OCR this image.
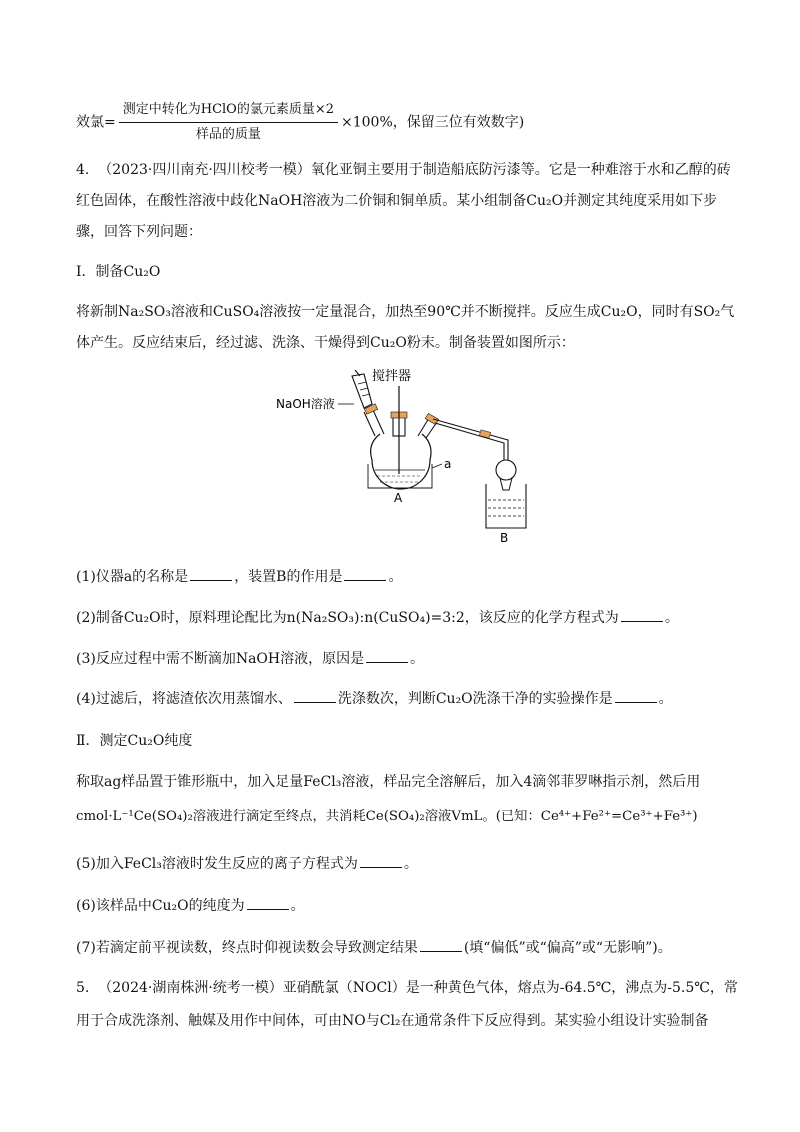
效氯= $\frac{\text{测定中转化为HClO的氯元素质量×2}}{\text{样品的质量}} \times 100\%$，保留三位有效数字)
4. （2023·四川南充·四川校考一模）氧化亚铜主要用于制造船底防污漆等。它是一种难溶于水和乙醇的砖
红色固体，在酸性溶液中歧化NaOH溶液为二价铜和铜单质。某小组制备Cu₂O并测定其纯度采用如下步
骤，回答下列问题：
I．制备Cu₂O
将新制Na₂SO₃溶液和CuSO₄溶液按一定量混合，加热至90℃并不断搅拌。反应生成Cu₂O，同时有SO₂气
体产生。反应结束后，经过滤、洗涤、干燥得到Cu₂O粉末。制备装置如图所示：
搅拌器
NaOH溶液
a
A
B
(1)仪器a的名称是	，装置B的作用是	。
(2)制备Cu₂O时，原料理论配比为n(Na₂SO₃):n(CuSO₄)=3:2，该反应的化学方程式为	。
(3)反应过程中需不断滴加NaOH溶液，原因是	。
(4)过滤后，将滤渣依次用蒸馏水、	洗涤数次，判断Cu₂O洗涤干净的实验操作是	。
Ⅱ．测定Cu₂O纯度
称取ag样品置于锥形瓶中，加入足量FeCl₃溶液，样品完全溶解后，加入4滴邻菲罗啉指示剂，然后用
cmol·L⁻¹Ce(SO₄)₂溶液进行滴定至终点，共消耗Ce(SO₄)₂溶液VmL。(已知：Ce⁴⁺+Fe²⁺=Ce³⁺+Fe³⁺)
(5)加入FeCl₃溶液时发生反应的离子方程式为	。
(6)该样品中Cu₂O的纯度为	。
(7)若滴定前平视读数，终点时仰视读数会导致测定结果	(填“偏低”或“偏高”或“无影响”)。
5. （2024·湖南株洲·统考一模）亚硝酰氯（NOCl）是一种黄色气体，熔点为-64.5℃，沸点为-5.5℃，常
用于合成洗涤剂、触媒及用作中间体，可由NO与Cl₂在通常条件下反应得到。某实验小组设计实验制备
